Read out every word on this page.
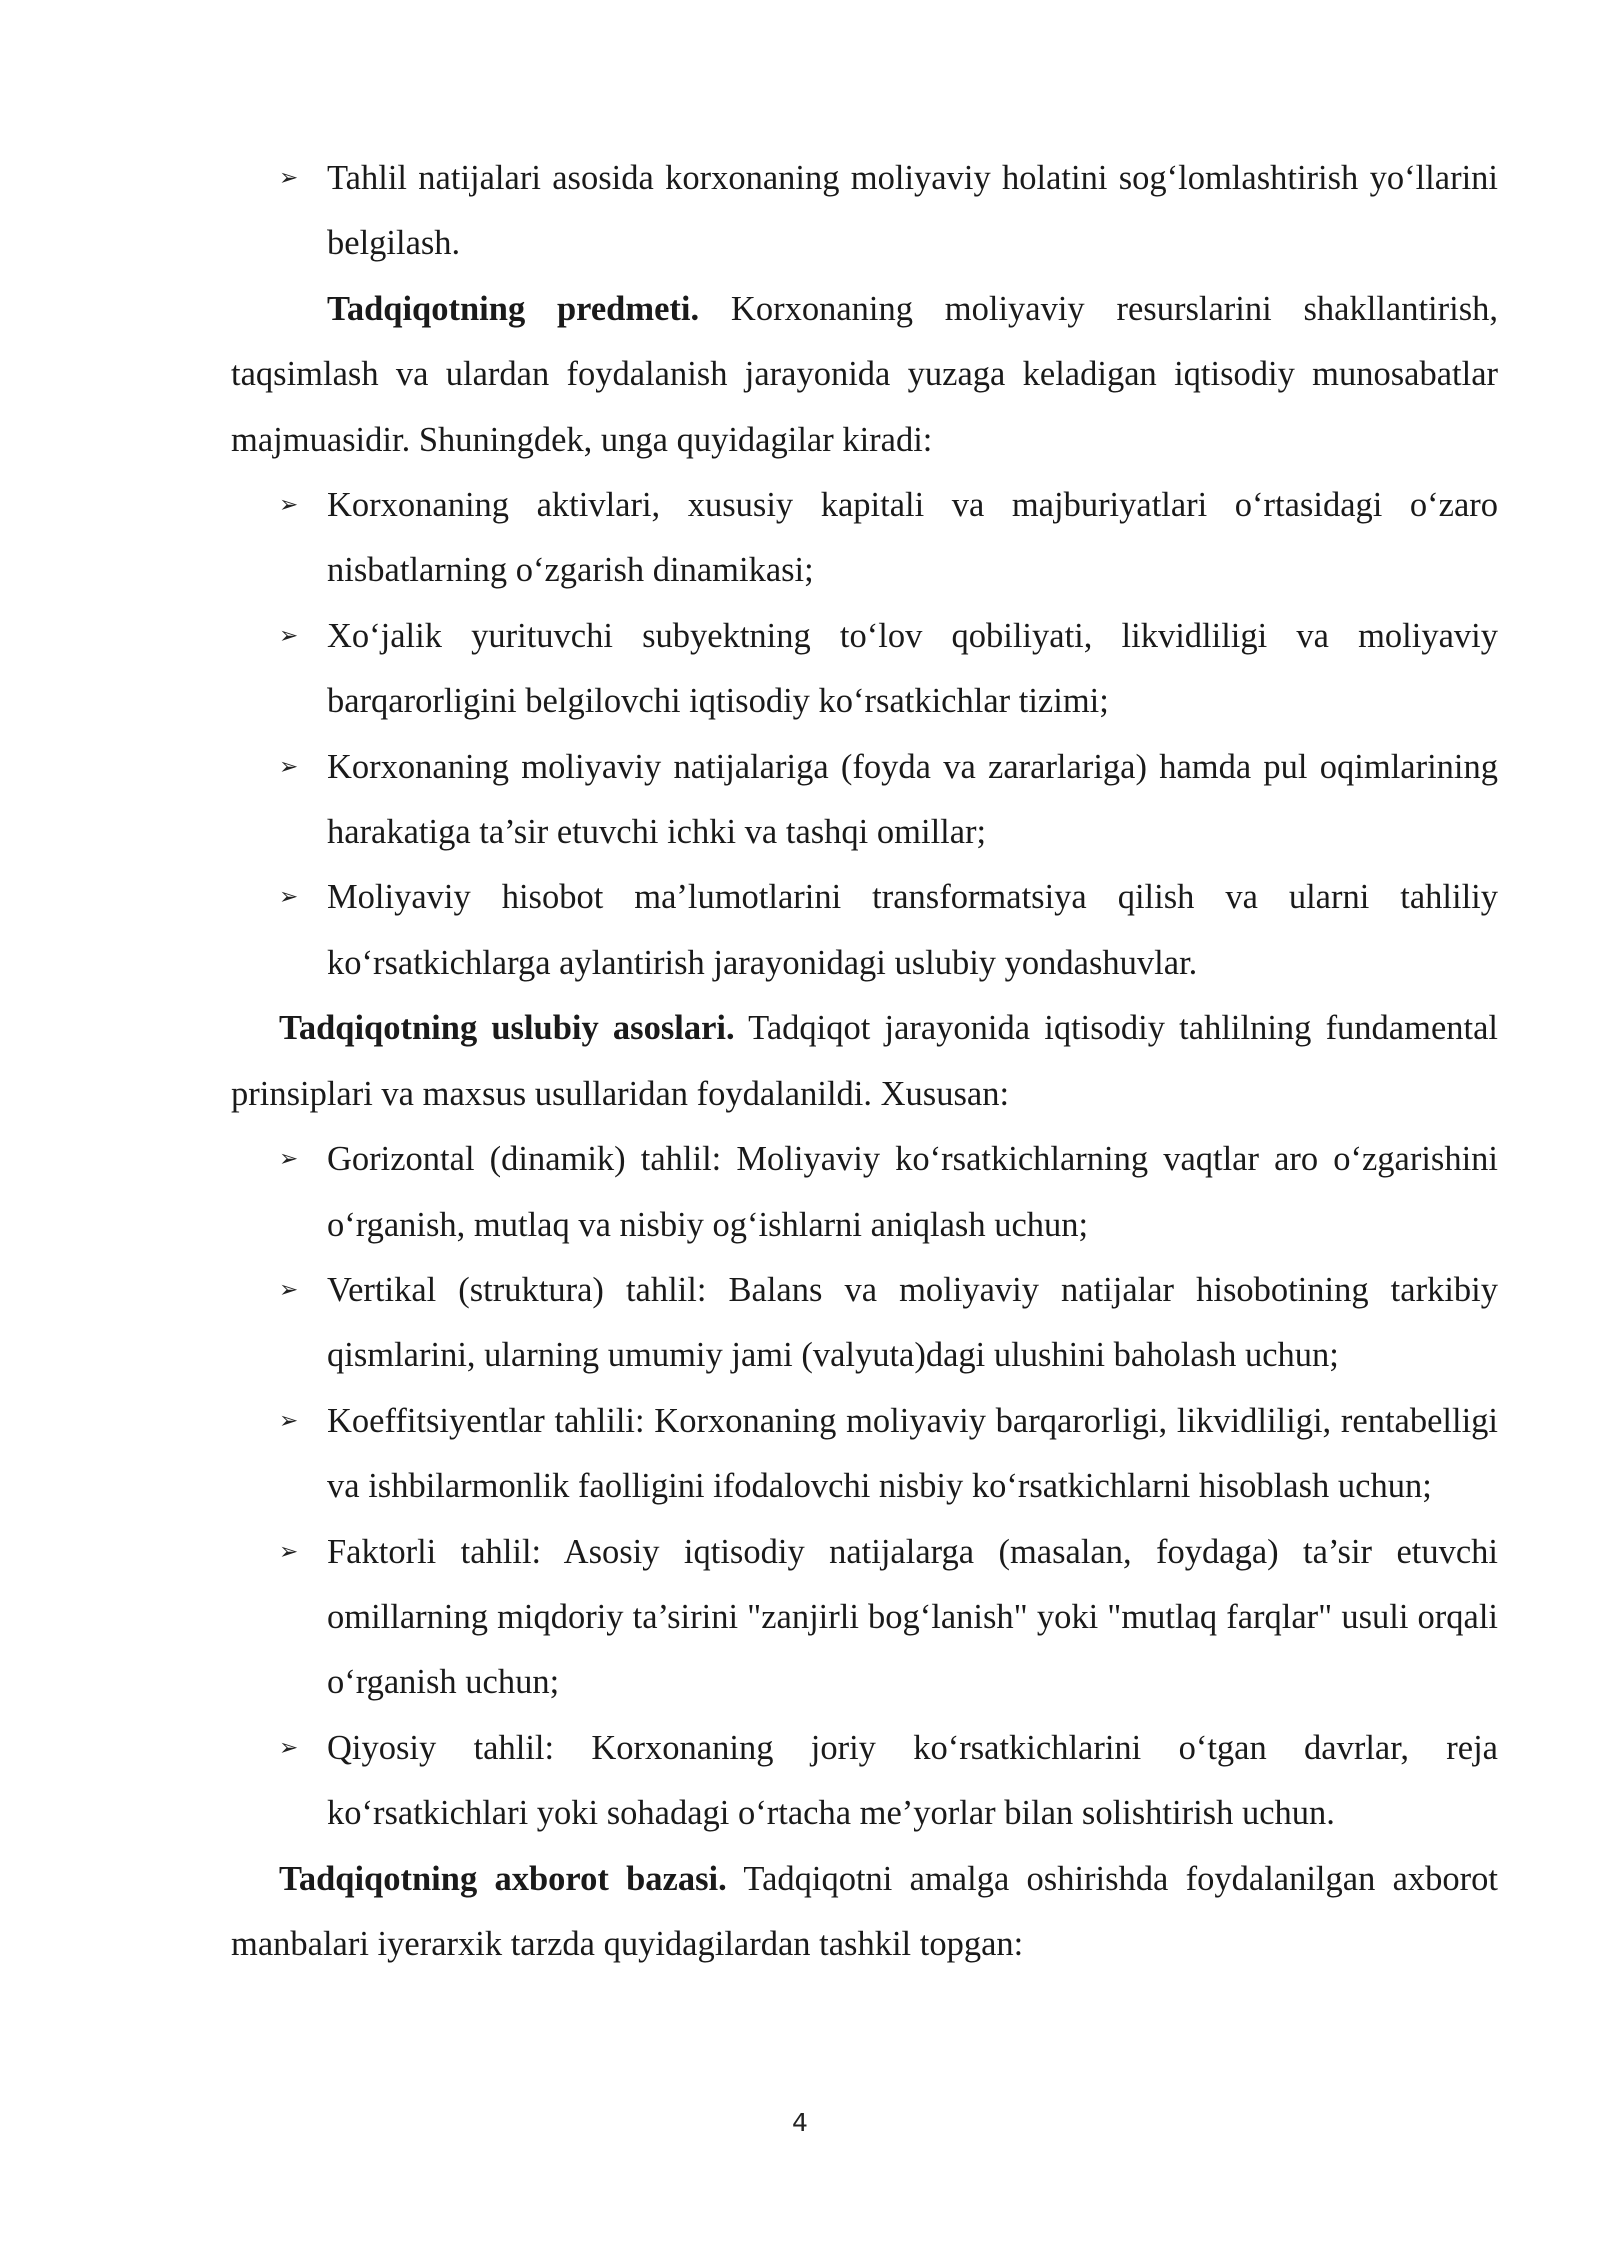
➢ Tahlil natijalari asosida korxonaning moliyaviy holatini sog‘lomlashtirish yo‘llarini belgilash.
Tadqiqotning predmeti. Korxonaning moliyaviy resurslarini shakllantirish, taqsimlash va ulardan foydalanish jarayonida yuzaga keladigan iqtisodiy munosabatlar majmuasidir. Shuningdek, unga quyidagilar kiradi:
➢ Korxonaning aktivlari, xususiy kapitali va majburiyatlari o‘rtasidagi o‘zaro nisbatlarning o‘zgarish dinamikasi;
➢ Xo‘jalik yurituvchi subyektning to‘lov qobiliyati, likvidliligi va moliyaviy barqarorligini belgilovchi iqtisodiy ko‘rsatkichlar tizimi;
➢ Korxonaning moliyaviy natijalariga (foyda va zararlariga) hamda pul oqimlarining harakatiga ta’sir etuvchi ichki va tashqi omillar;
➢ Moliyaviy hisobot ma’lumotlarini transformatsiya qilish va ularni tahliliy ko‘rsatkichlarga aylantirish jarayonidagi uslubiy yondashuvlar.
Tadqiqotning uslubiy asoslari. Tadqiqot jarayonida iqtisodiy tahlilning fundamental prinsiplari va maxsus usullaridan foydalanildi. Xususan:
➢ Gorizontal (dinamik) tahlil: Moliyaviy ko‘rsatkichlarning vaqtlar aro o‘zgarishini o‘rganish, mutlaq va nisbiy og‘ishlarni aniqlash uchun;
➢ Vertikal (struktura) tahlil: Balans va moliyaviy natijalar hisobotining tarkibiy qismlarini, ularning umumiy jami (valyuta)dagi ulushini baholash uchun;
➢ Koeffitsiyentlar tahlili: Korxonaning moliyaviy barqarorligi, likvidliligi, rentabelligi va ishbilarmonlik faolligini ifodalovchi nisbiy ko‘rsatkichlarni hisoblash uchun;
➢ Faktorli tahlil: Asosiy iqtisodiy natijalarga (masalan, foydaga) ta’sir etuvchi omillarning miqdoriy ta’sirini "zanjirli bog‘lanish" yoki "mutlaq farqlar" usuli orqali o‘rganish uchun;
➢ Qiyosiy tahlil: Korxonaning joriy ko‘rsatkichlarini o‘tgan davrlar, reja ko‘rsatkichlari yoki sohadagi o‘rtacha me’yorlar bilan solishtirish uchun.
Tadqiqotning axborot bazasi. Tadqiqotni amalga oshirishda foydalanilgan axborot manbalari iyerarxik tarzda quyidagilardan tashkil topgan:
4
